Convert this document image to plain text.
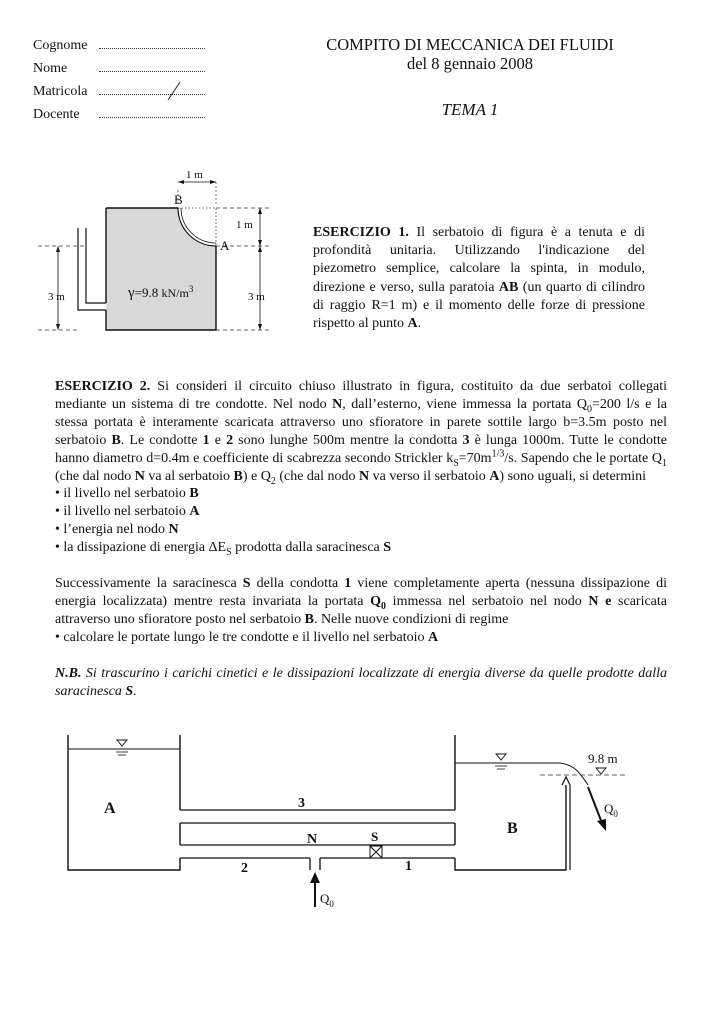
Cognome
Nome
Matricola
Docente
COMPITO DI MECCANICA DEI FLUIDI
del 8 gennaio 2008
TEMA 1
1 m
1 m
3 m
3 m
B
A
γ=9.8 $kN/m^3$
ESERCIZIO 1. Il serbatoio di figura è a tenuta e di profondità unitaria. Utilizzando l'indicazione del piezometro semplice, calcolare la spinta, in modulo, direzione e verso, sulla paratoia AB (un quarto di cilindro di raggio R=1 m) e il momento delle forze di pressione rispetto al punto A.

ESERCIZIO 2. Si consideri il circuito chiuso illustrato in figura, costituito da due serbatoi collegati mediante un sistema di tre condotte. Nel nodo N, dall’esterno, viene immessa la portata $Q_0=200$ l/s e la stessa portata è interamente scaricata attraverso uno sfioratore in parete sottile largo b=3.5m posto nel serbatoio B. Le condotte 1 e 2 sono lunghe 500m mentre la condotta 3 è lunga 1000m. Tutte le condotte hanno diametro d=0.4m e coefficiente di scabrezza secondo Strickler $k_S=70m^{1/3}/s$. Sapendo che le portate $Q_1$ (che dal nodo N va al serbatoio B) e $Q_2$ (che dal nodo N va verso il serbatoio A) sono uguali, si determini

• il livello nel serbatoio B

• il livello nel serbatoio A

• l’energia nel nodo N

• la dissipazione di energia $\Delta E_S$ prodotta dalla saracinesca S

Successivamente la saracinesca S della condotta 1 viene completamente aperta (nessuna dissipazione di energia localizzata) mentre resta invariata la portata $Q_0$ immessa nel serbatoio nel nodo N e scaricata attraverso uno sfioratore posto nel serbatoio B. Nelle nuove condizioni di regime

• calcolare le portate lungo le tre condotte e il livello nel serbatoio A

N.B. Si trascurino i carichi cinetici e le dissipazioni localizzate di energia diverse da quelle prodotte dalla saracinesca S.

9.8 m
$Q_0$
$Q_0$
A
B
3
N	S
2	1
